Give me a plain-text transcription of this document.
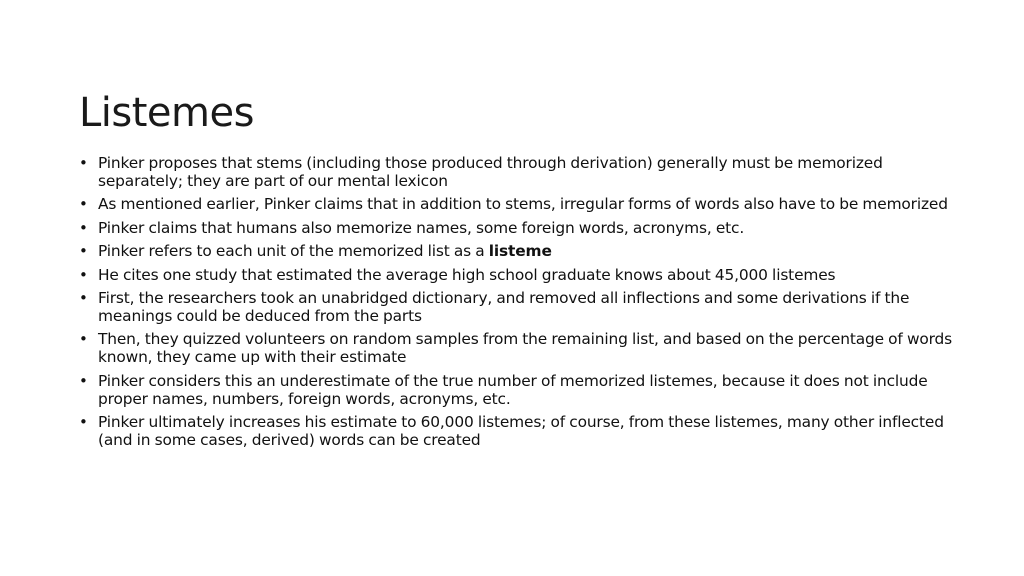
Listemes
• Pinker proposes that stems (including those produced through derivation) generally must be memorized separately; they are part of our mental lexicon
• As mentioned earlier, Pinker claims that in addition to stems, irregular forms of words also have to be memorized
• Pinker claims that humans also memorize names, some foreign words, acronyms, etc.
• Pinker refers to each unit of the memorized list as a listeme
• He cites one study that estimated the average high school graduate knows about 45,000 listemes
• First, the researchers took an unabridged dictionary, and removed all inflections and some derivations if the meanings could be deduced from the parts
• Then, they quizzed volunteers on random samples from the remaining list, and based on the percentage of words known, they came up with their estimate
• Pinker considers this an underestimate of the true number of memorized listemes, because it does not include proper names, numbers, foreign words, acronyms, etc.
• Pinker ultimately increases his estimate to 60,000 listemes; of course, from these listemes, many other inflected (and in some cases, derived) words can be created
